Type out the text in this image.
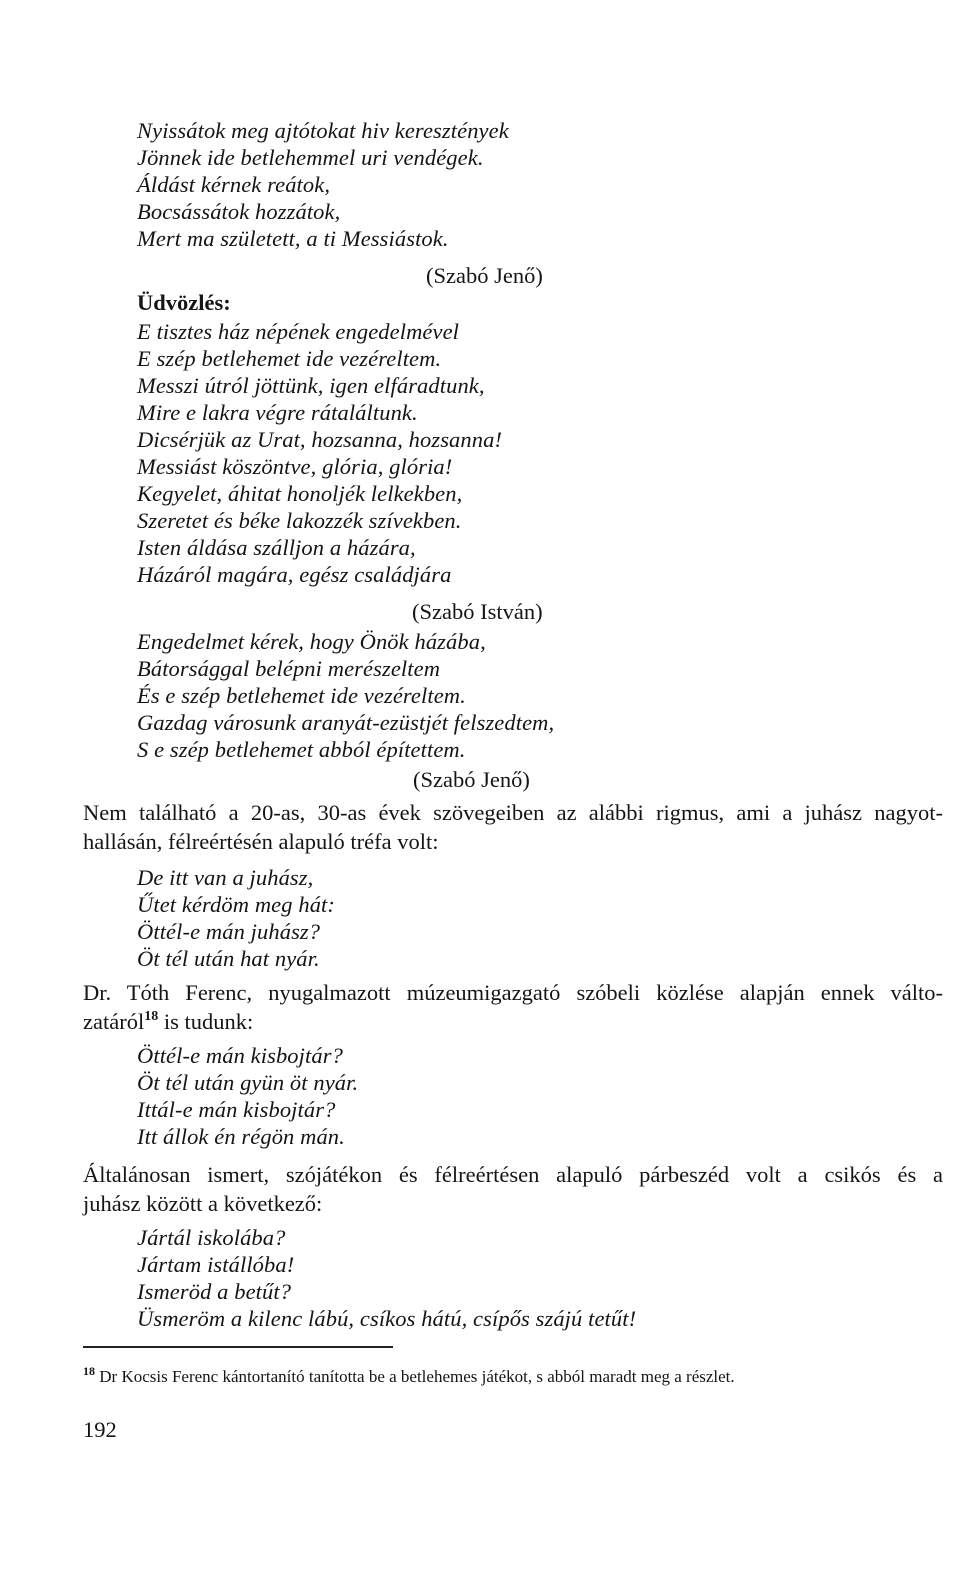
Nyissátok meg ajtótokat hiv keresztények
Jönnek ide betlehemmel uri vendégek.
Áldást kérnek reátok,
Bocsássátok hozzátok,
Mert ma született, a ti Messiástok.
(Szabó Jenő)
Üdvözlés:
E tisztes ház népének engedelmével
E szép betlehemet ide vezéreltem.
Messzi útról jöttünk, igen elfáradtunk,
Mire e lakra végre rátaláltunk.
Dicsérjük az Urat, hozsanna, hozsanna!
Messiást köszöntve, glória, glória!
Kegyelet, áhitat honoljék lelkekben,
Szeretet és béke lakozzék szívekben.
Isten áldása szálljon a házára,
Házáról magára, egész családjára
(Szabó István)
Engedelmet kérek, hogy Önök házába,
Bátorsággal belépni merészeltem
És e szép betlehemet ide vezéreltem.
Gazdag városunk aranyát-ezüstjét felszedtem,
S e szép betlehemet abból építettem.
(Szabó Jenő)

Nem található a 20-as, 30-as évek szövegeiben az alábbi rigmus, ami a juhász nagyot-
hallásán, félreértésén alapuló tréfa volt:

De itt van a juhász,
Űtet kérdöm meg hát:
Öttél-e mán juhász?
Öt tél után hat nyár.

Dr. Tóth Ferenc, nyugalmazott múzeumigazgató szóbeli közlése alapján ennek válto-
zatáról$^{18}$ is tudunk:

Öttél-e mán kisbojtár?
Öt tél után gyün öt nyár.
Ittál-e mán kisbojtár?
Itt állok én régön mán.

Általánosan ismert, szójátékon és félreértésen alapuló párbeszéd volt a csikós és a
juhász között a következő:

Jártál iskolába?
Jártam istállóba!
Ismeröd a betűt?
Üsmeröm a kilenc lábú, csíkos hátú, csípős szájú tetűt!
$^{18}$ Dr Kocsis Ferenc kántortanító tanította be a betlehemes játékot, s abból maradt meg a részlet.
192
